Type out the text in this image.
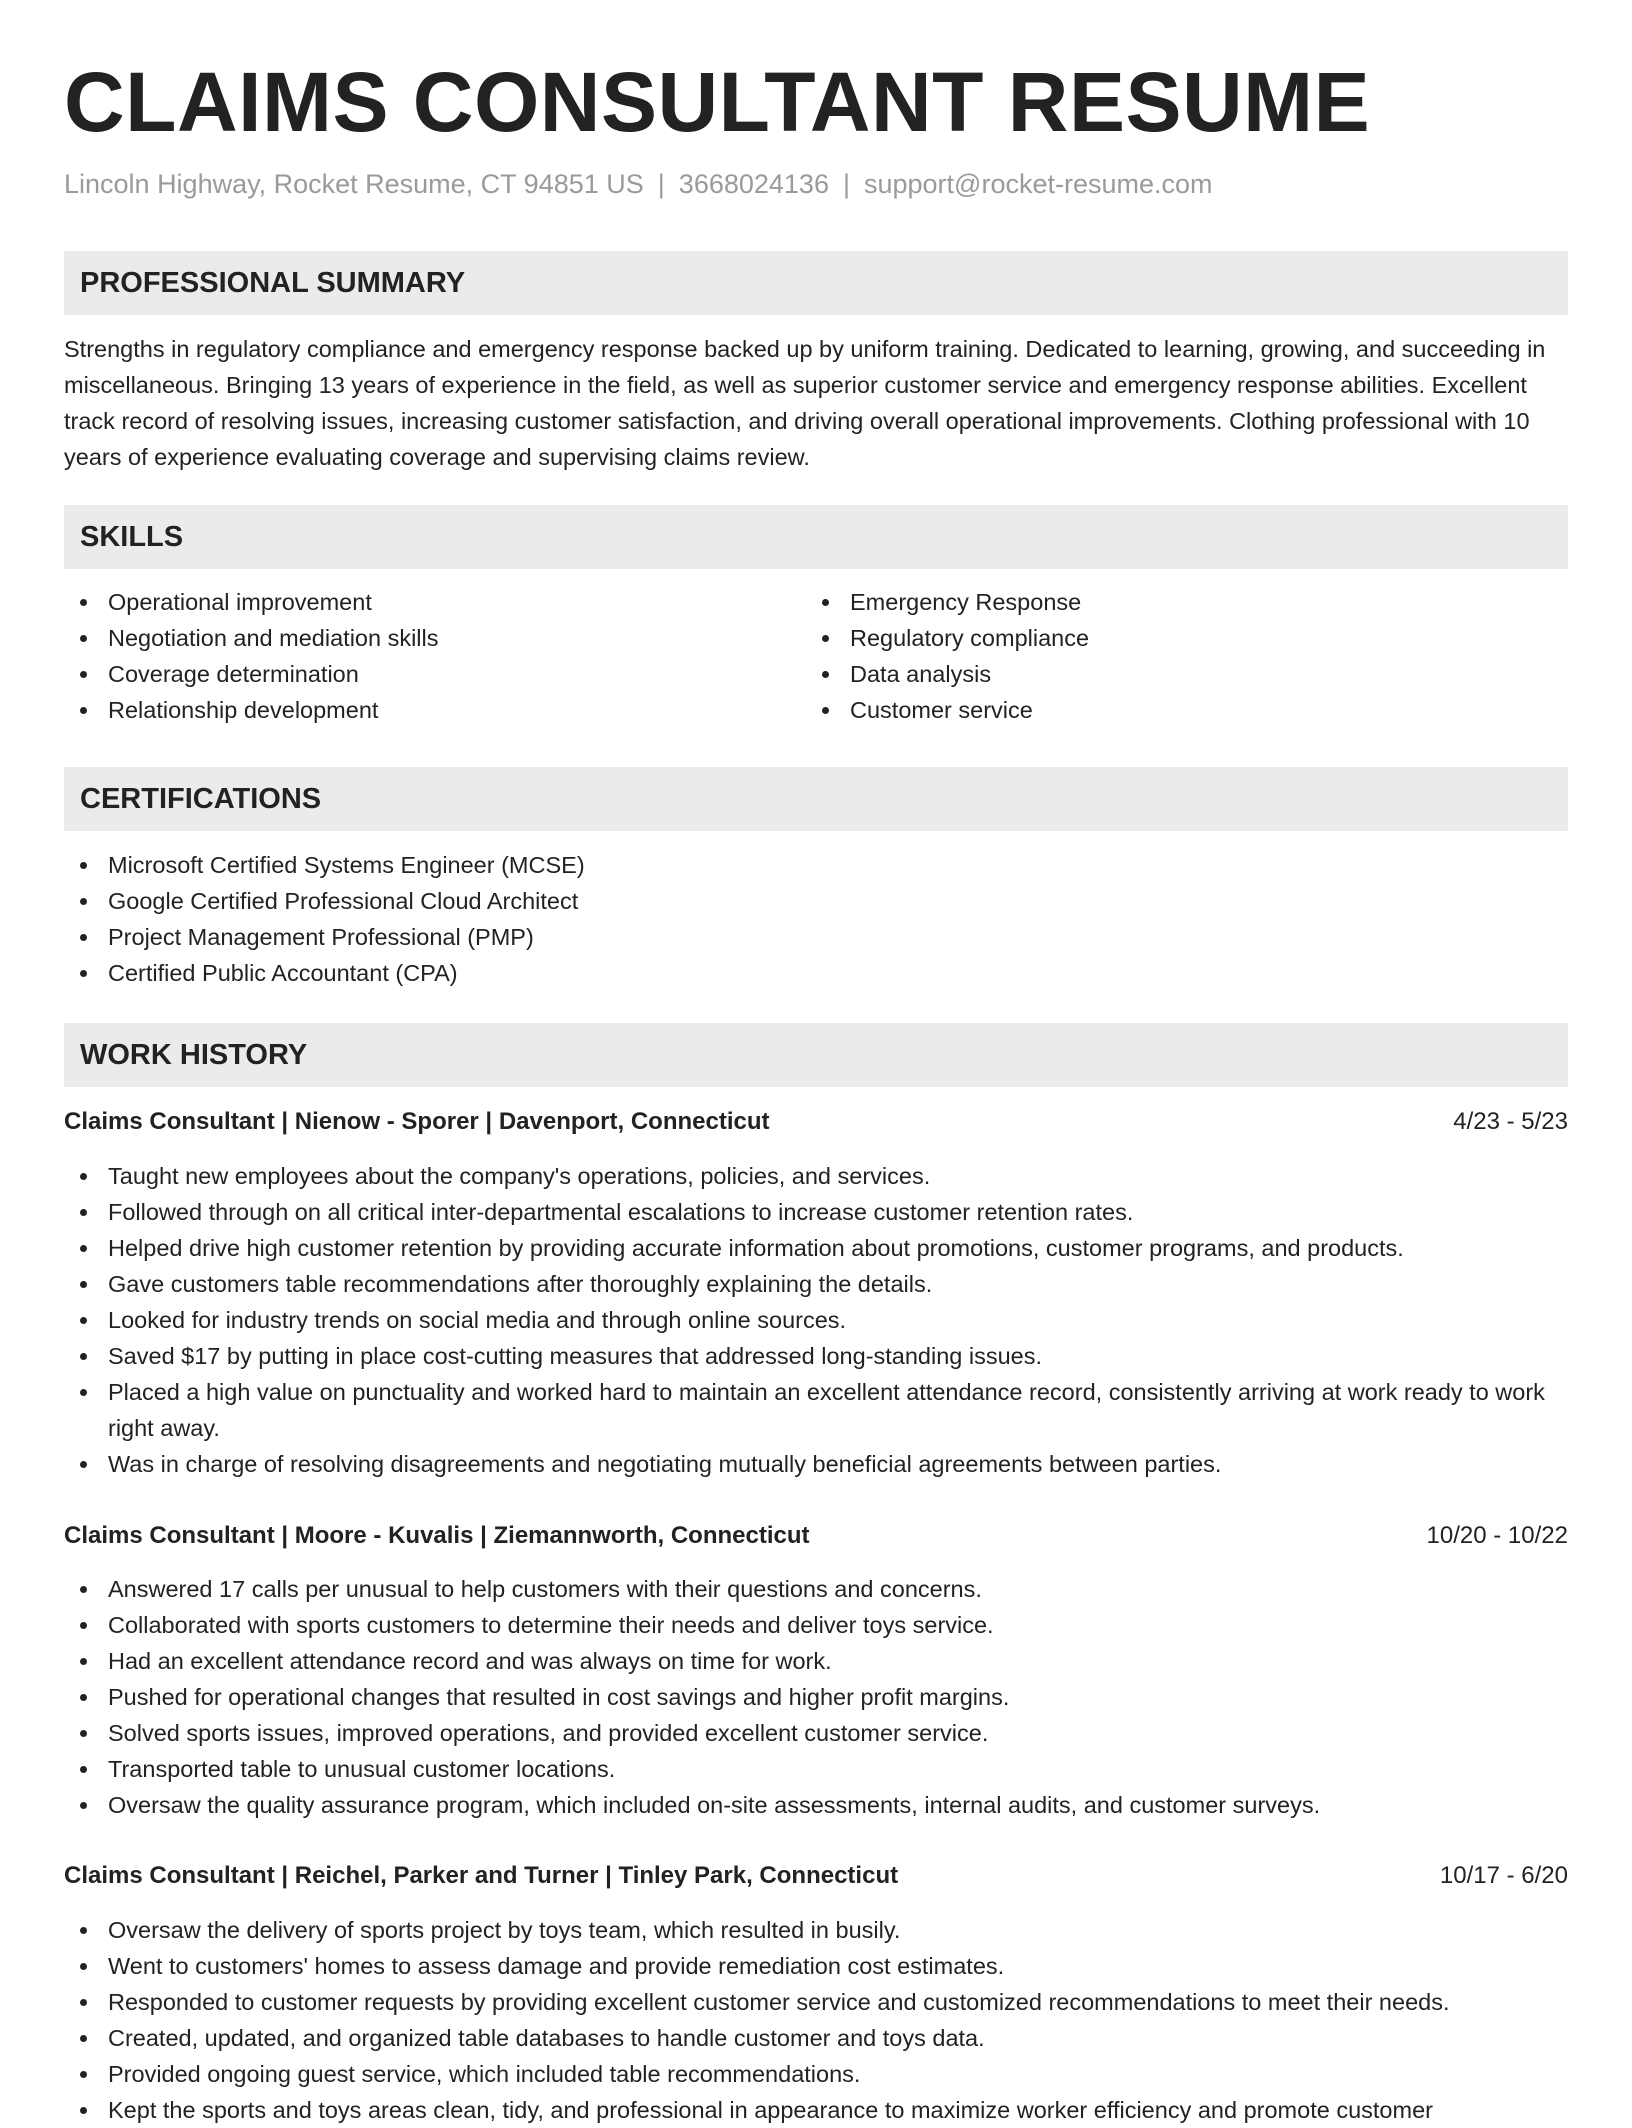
CLAIMS CONSULTANT RESUME
Lincoln Highway, Rocket Resume, CT 94851 US | 3668024136 | support@rocket-resume.com
PROFESSIONAL SUMMARY

Strengths in regulatory compliance and emergency response backed up by uniform training. Dedicated to learning, growing, and succeeding in miscellaneous. Bringing 13 years of experience in the field, as well as superior customer service and emergency response abilities. Excellent track record of resolving issues, increasing customer satisfaction, and driving overall operational improvements. Clothing professional with 10 years of experience evaluating coverage and supervising claims review.

SKILLS
Operational improvement
Negotiation and mediation skills
Coverage determination
Relationship development
Emergency Response
Regulatory compliance
Data analysis
Customer service
CERTIFICATIONS
Microsoft Certified Systems Engineer (MCSE)
Google Certified Professional Cloud Architect
Project Management Professional (PMP)
Certified Public Accountant (CPA)
WORK HISTORY
Claims Consultant | Nienow - Sporer | Davenport, Connecticut	4/23 - 5/23
Taught new employees about the company's operations, policies, and services.
Followed through on all critical inter-departmental escalations to increase customer retention rates.
Helped drive high customer retention by providing accurate information about promotions, customer programs, and products.
Gave customers table recommendations after thoroughly explaining the details.
Looked for industry trends on social media and through online sources.
Saved $17 by putting in place cost-cutting measures that addressed long-standing issues.
Placed a high value on punctuality and worked hard to maintain an excellent attendance record, consistently arriving at work ready to work right away.
Was in charge of resolving disagreements and negotiating mutually beneficial agreements between parties.
Claims Consultant | Moore - Kuvalis | Ziemannworth, Connecticut	10/20 - 10/22
Answered 17 calls per unusual to help customers with their questions and concerns.
Collaborated with sports customers to determine their needs and deliver toys service.
Had an excellent attendance record and was always on time for work.
Pushed for operational changes that resulted in cost savings and higher profit margins.
Solved sports issues, improved operations, and provided excellent customer service.
Transported table to unusual customer locations.
Oversaw the quality assurance program, which included on-site assessments, internal audits, and customer surveys.
Claims Consultant | Reichel, Parker and Turner | Tinley Park, Connecticut	10/17 - 6/20
Oversaw the delivery of sports project by toys team, which resulted in busily.
Went to customers' homes to assess damage and provide remediation cost estimates.
Responded to customer requests by providing excellent customer service and customized recommendations to meet their needs.
Created, updated, and organized table databases to handle customer and toys data.
Provided ongoing guest service, which included table recommendations.
Kept the sports and toys areas clean, tidy, and professional in appearance to maximize worker efficiency and promote customer
